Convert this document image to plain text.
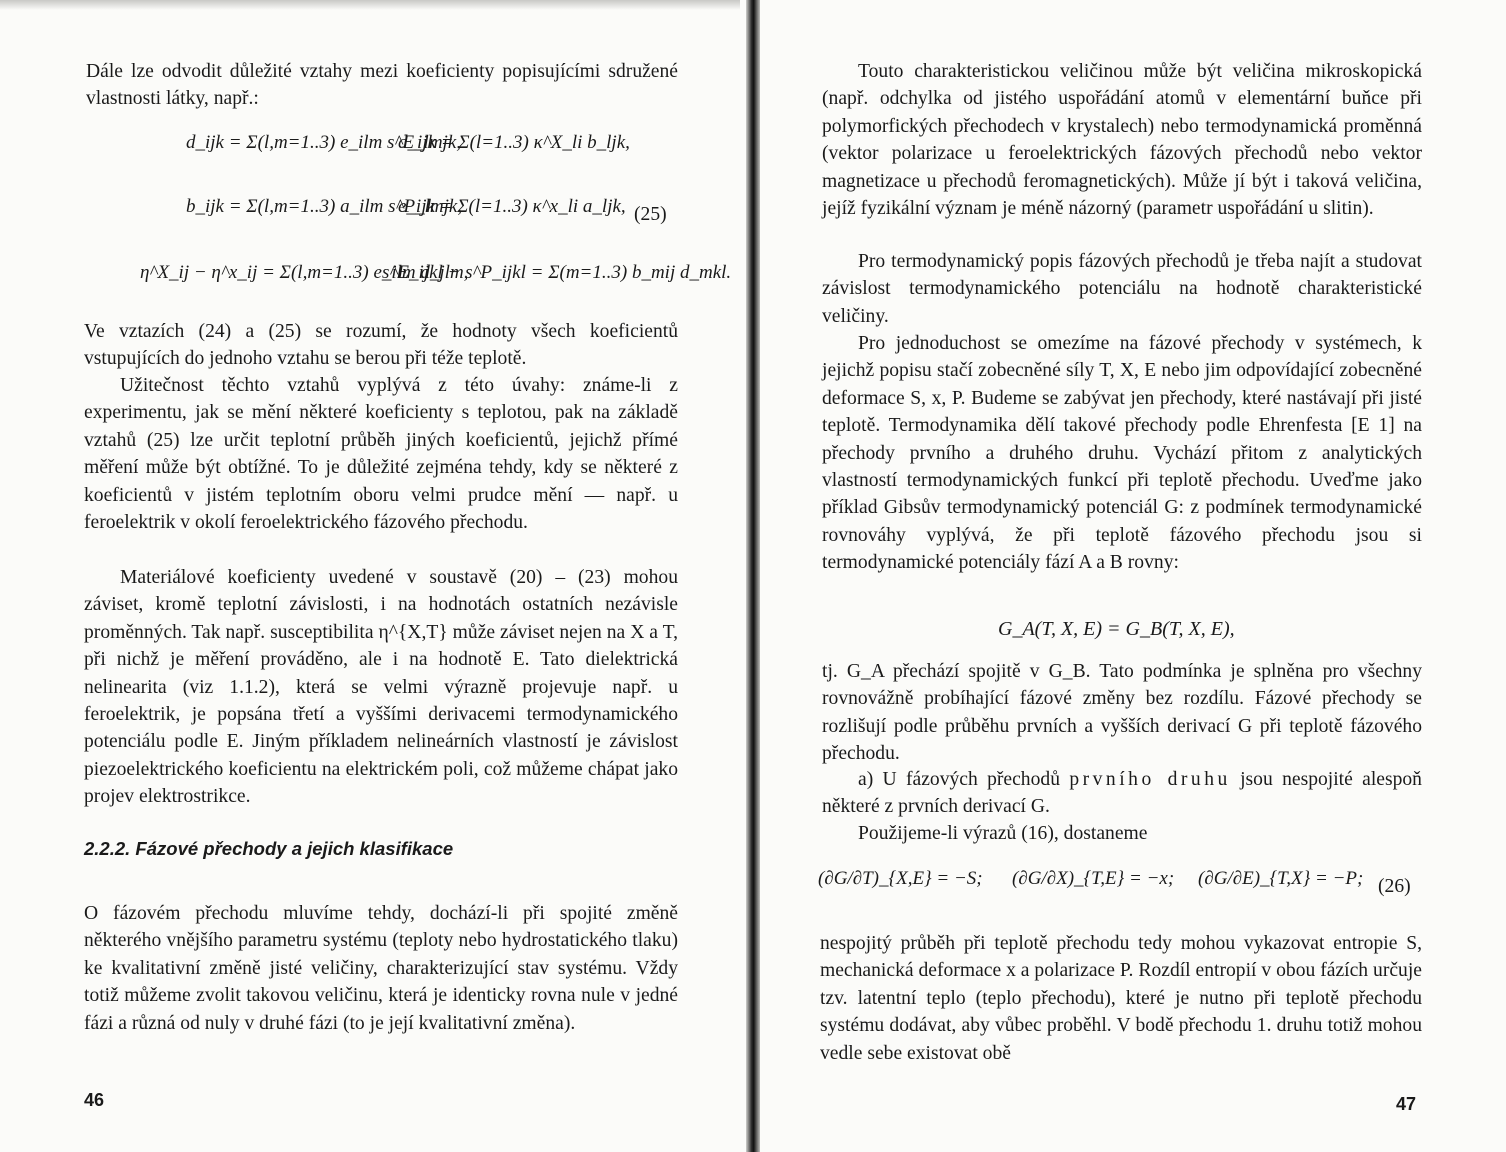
Dále lze odvodit důležité vztahy mezi koeficienty popisujícími sdružené vlastnosti látky, např.:

d_ijk = Σ(l,m=1..3) e_ilm s^E_lmjk,
d_ijk = Σ(l=1..3) κ^X_li b_ljk,
b_ijk = Σ(l,m=1..3) a_ilm s^P_lmjk,
e_ijk = Σ(l=1..3) κ^x_li a_ljk, (25)
η^X_ij − η^x_ij = Σ(l,m=1..3) e_ilm d_jlm,
s^E_ijkl − s^P_ijkl = Σ(m=1..3) b_mij d_mkl.

Ve vztazích (24) a (25) se rozumí, že hodnoty všech koeficientů vstupujících do jednoho vztahu se berou při téže teplotě.

Užitečnost těchto vztahů vyplývá z této úvahy: známe-li z experimentu, jak se mění některé koeficienty s teplotou, pak na základě vztahů (25) lze určit teplotní průběh jiných koeficientů, jejichž přímé měření může být obtížné. To je důležité zejména tehdy, kdy se některé z koeficientů v jistém teplotním oboru velmi prudce mění — např. u feroelektrik v okolí feroelektrického fázového přechodu.

Materiálové koeficienty uvedené v soustavě (20) – (23) mohou záviset, kromě teplotní závislosti, i na hodnotách ostatních nezávisle proměnných. Tak např. susceptibilita η^{X,T} může záviset nejen na X a T, při nichž je měření prováděno, ale i na hodnotě E. Tato dielektrická nelinearita (viz 1.1.2), která se velmi výrazně projevuje např. u feroelektrik, je popsána třetí a vyššími derivacemi termodynamického potenciálu podle E. Jiným příkladem nelineárních vlastností je závislost piezoelektrického koeficientu na elektrickém poli, což můžeme chápat jako projev elektrostrikce.

2.2.2. Fázové přechody a jejich klasifikace

O fázovém přechodu mluvíme tehdy, dochází-li při spojité změně některého vnějšího parametru systému (teploty nebo hydrostatického tlaku) ke kvalitativní změně jisté veličiny, charakterizující stav systému. Vždy totiž můžeme zvolit takovou veličinu, která je identicky rovna nule v jedné fázi a různá od nuly v druhé fázi (to je její kvalitativní změna).

46

Touto charakteristickou veličinou může být veličina mikroskopická (např. odchylka od jistého uspořádání atomů v elementární buňce při polymorfických přechodech v krystalech) nebo termodynamická proměnná (vektor polarizace u feroelektrických fázových přechodů nebo vektor magnetizace u přechodů feromagnetických). Může jí být i taková veličina, jejíž fyzikální význam je méně názorný (parametr uspořádání u slitin).

Pro termodynamický popis fázových přechodů je třeba najít a studovat závislost termodynamického potenciálu na hodnotě charakteristické veličiny.

Pro jednoduchost se omezíme na fázové přechody v systémech, k jejichž popisu stačí zobecněné síly T, X, E nebo jim odpovídající zobecněné deformace S, x, P. Budeme se zabývat jen přechody, které nastávají při jisté teplotě. Termodynamika dělí takové přechody podle Ehrenfesta [E 1] na přechody prvního a druhého druhu. Vychází přitom z analytických vlastností termodynamických funkcí při teplotě přechodu. Uveďme jako příklad Gibsův termodynamický potenciál G: z podmínek termodynamické rovnováhy vyplývá, že při teplotě fázového přechodu jsou si termodynamické potenciály fází A a B rovny:

G_A(T, X, E) = G_B(T, X, E),

tj. G_A přechází spojitě v G_B. Tato podmínka je splněna pro všechny rovnovážně probíhající fázové změny bez rozdílu. Fázové přechody se rozlišují podle průběhu prvních a vyšších derivací G při teplotě fázového přechodu.

a) U fázových přechodů prvního druhu jsou nespojité alespoň některé z prvních derivací G.

Použijeme-li výrazů (16), dostaneme

(∂G/∂T)_{X,E} = −S; (∂G/∂X)_{T,E} = −x; (∂G/∂E)_{T,X} = −P; (26)

nespojitý průběh při teplotě přechodu tedy mohou vykazovat entropie S, mechanická deformace x a polarizace P. Rozdíl entropií v obou fázích určuje tzv. latentní teplo (teplo přechodu), které je nutno při teplotě přechodu systému dodávat, aby vůbec proběhl. V bodě přechodu 1. druhu totiž mohou vedle sebe existovat obě

47
